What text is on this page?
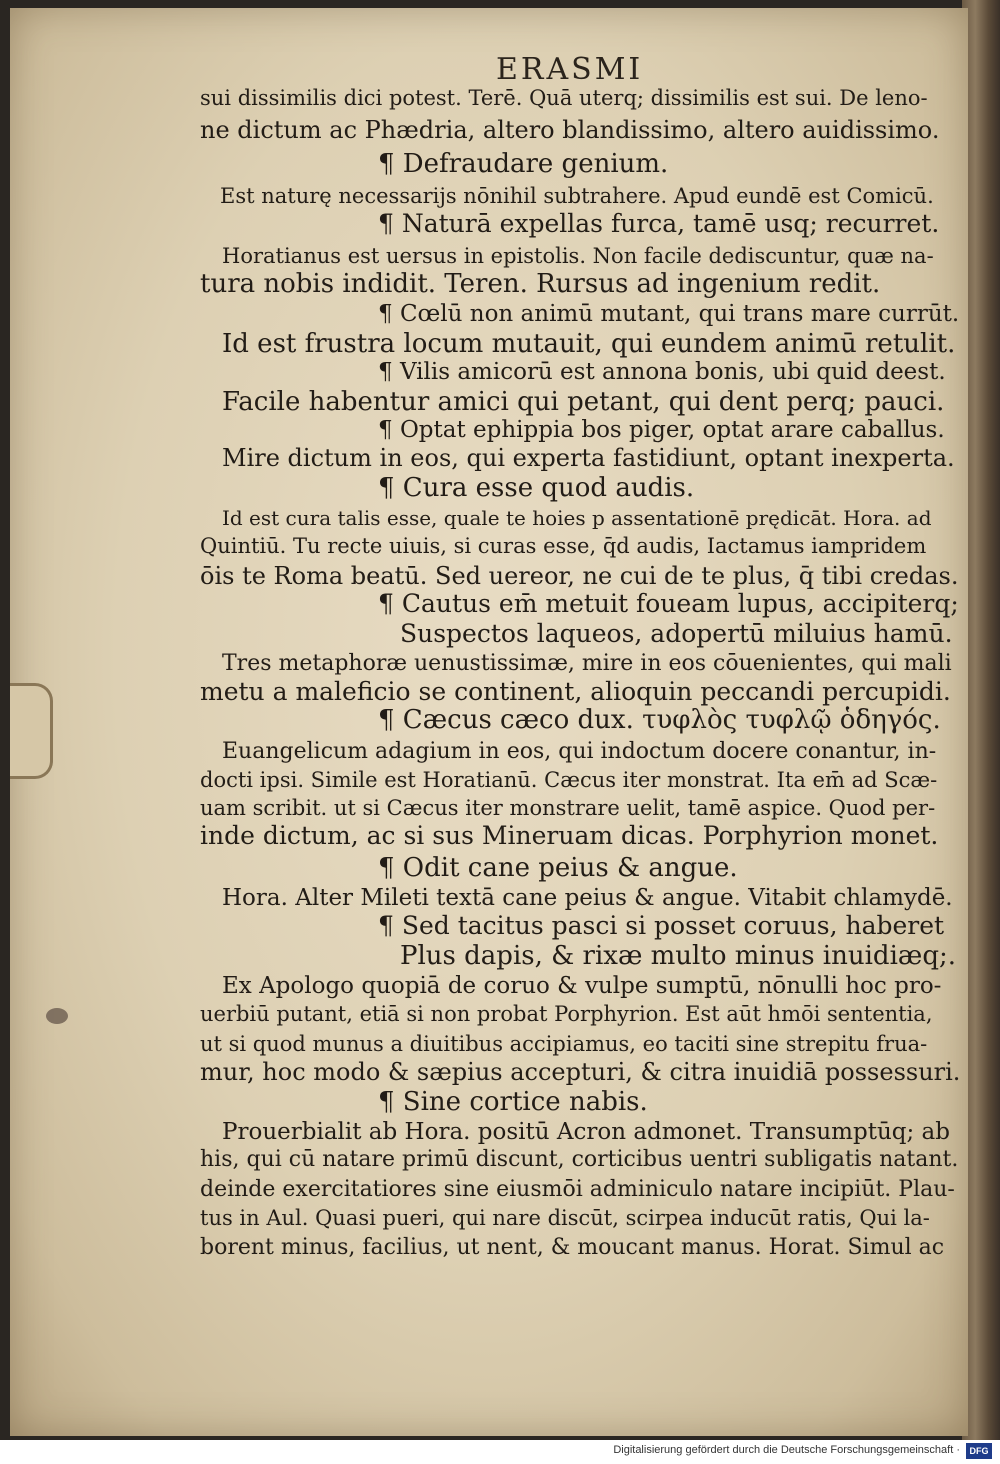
ERASMI
sui dissimilis dici potest. Terē. Quā uterq; dissimilis est sui. De leno-
ne dictum ac Phædria, altero blandissimo, altero auidissimo.
¶ Defraudare genium.
Est naturę necessarijs nōnihil subtrahere. Apud eundē est Comicū.
¶ Naturā expellas furca, tamē usq; recurret.
Horatianus est uersus in epistolis. Non facile dediscuntur, quæ na-
tura nobis indidit. Teren. Rursus ad ingenium redit.
¶ Cœlū non animū mutant, qui trans mare currūt.
Id est frustra locum mutauit, qui eundem animū retulit.
¶ Vilis amicorū est annona bonis, ubi quid deest.
Facile habentur amici qui petant, qui dent perq; pauci.
¶ Optat ephippia bos piger, optat arare caballus.
Mire dictum in eos, qui experta fastidiunt, optant inexperta.
¶ Cura esse quod audis.
Id est cura talis esse, quale te hoies p assentationē prędicāt. Hora. ad
Quintiū. Tu recte uiuis, si curas esse, q̄d audis, Iactamus iampridem
ōis te Roma beatū. Sed uereor, ne cui de te plus, q̄ tibi credas.
¶ Cautus em̄ metuit foueam lupus, accipiterq;
Suspectos laqueos, adopertū miluius hamū.
Tres metaphoræ uenustissimæ, mire in eos cōuenientes, qui mali
metu a maleficio se continent, alioquin peccandi percupidi.
¶ Cæcus cæco dux. τυφλὸς τυφλῷ ὁδηγός.
Euangelicum adagium in eos, qui indoctum docere conantur, in-
docti ipsi. Simile est Horatianū. Cæcus iter monstrat. Ita em̄ ad Scæ-
uam scribit. ut si Cæcus iter monstrare uelit, tamē aspice. Quod per-
inde dictum, ac si sus Mineruam dicas. Porphyrion monet.
¶ Odit cane peius & angue.
Hora. Alter Mileti textā cane peius & angue. Vitabit chlamydē.
¶ Sed tacitus pasci si posset coruus, haberet
Plus dapis, & rixæ multo minus inuidiæq;.
Ex Apologo quopiā de coruo & vulpe sumptū, nōnulli hoc pro-
uerbiū putant, etiā si non probat Porphyrion. Est aūt hmōi sententia,
ut si quod munus a diuitibus accipiamus, eo taciti sine strepitu frua-
mur, hoc modo & sæpius accepturi, & citra inuidiā possessuri.
¶ Sine cortice nabis.
Prouerbialit ab Hora. positū Acron admonet. Transumptūq; ab
his, qui cū natare primū discunt, corticibus uentri subligatis natant.
deinde exercitatiores sine eiusmōi adminiculo natare incipiūt. Plau-
tus in Aul. Quasi pueri, qui nare discūt, scirpea inducūt ratis, Qui la-
borent minus, facilius, ut nent, & moucant manus. Horat. Simul ac
Digitalisierung gefördert durch die Deutsche Forschungsgemeinschaft ·	DFG
